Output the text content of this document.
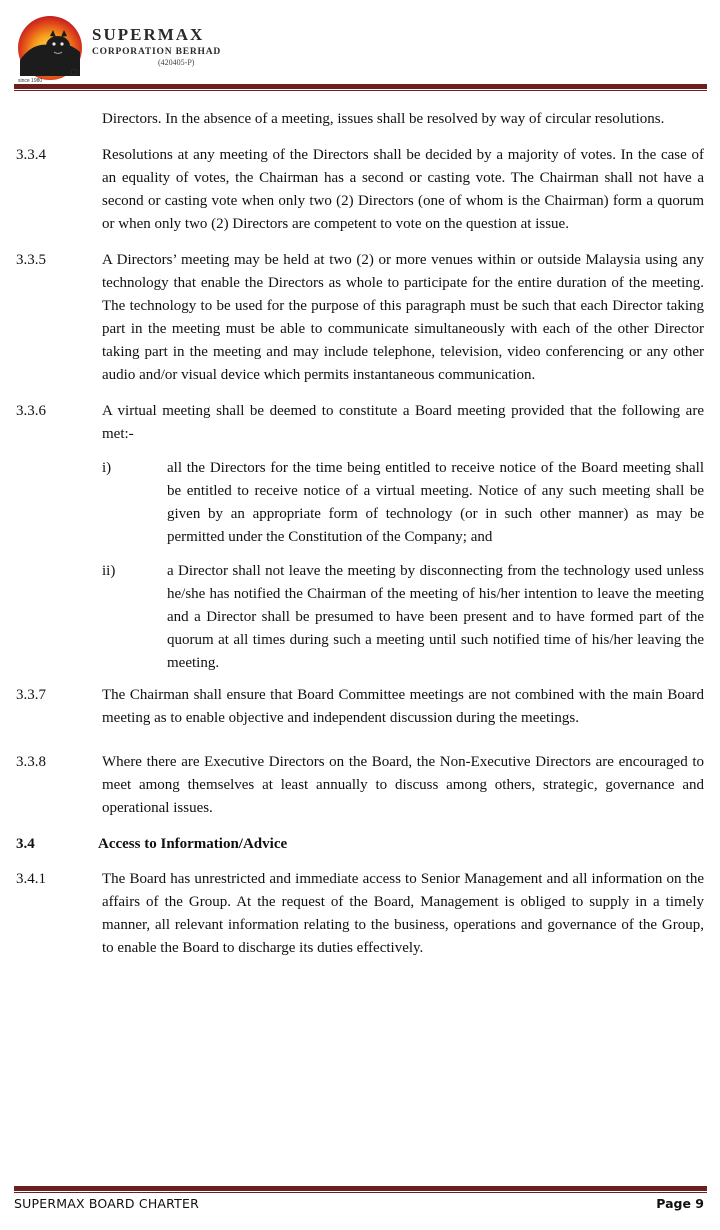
since 1980
SUPERMAX
CORPORATION BERHAD
(420405-P)
Directors. In the absence of a meeting, issues shall be resolved by way of circular resolutions.
3.3.4	Resolutions at any meeting of the Directors shall be decided by a majority of votes. In the case of an equality of votes, the Chairman has a second or casting vote. The Chairman shall not have a second or casting vote when only two (2) Directors (one of whom is the Chairman) form a quorum or when only two (2) Directors are competent to vote on the question at issue.
3.3.5	A Directors’ meeting may be held at two (2) or more venues within or outside Malaysia using any technology that enable the Directors as whole to participate for the entire duration of the meeting. The technology to be used for the purpose of this paragraph must be such that each Director taking part in the meeting must be able to communicate simultaneously with each of the other Director taking part in the meeting and may include telephone, television, video conferencing or any other audio and/or visual device which permits instantaneous communication.
3.3.6	A virtual meeting shall be deemed to constitute a Board meeting provided that the following are met:-
i)	all the Directors for the time being entitled to receive notice of the Board meeting shall be entitled to receive notice of a virtual meeting. Notice of any such meeting shall be given by an appropriate form of technology (or in such other manner) as may be permitted under the Constitution of the Company; and
ii)	a Director shall not leave the meeting by disconnecting from the technology used unless he/she has notified the Chairman of the meeting of his/her intention to leave the meeting and a Director shall be presumed to have been present and to have formed part of the quorum at all times during such a meeting until such notified time of his/her leaving the meeting.
3.3.7	The Chairman shall ensure that Board Committee meetings are not combined with the main Board meeting as to enable objective and independent discussion during the meetings.
3.3.8	Where there are Executive Directors on the Board, the Non-Executive Directors are encouraged to meet among themselves at least annually to discuss among others, strategic, governance and operational issues.
3.4	Access to Information/Advice
3.4.1	The Board has unrestricted and immediate access to Senior Management and all information on the affairs of the Group. At the request of the Board, Management is obliged to supply in a timely manner, all relevant information relating to the business, operations and governance of the Group, to enable the Board to discharge its duties effectively.
SUPERMAX BOARD CHARTER	Page 9
